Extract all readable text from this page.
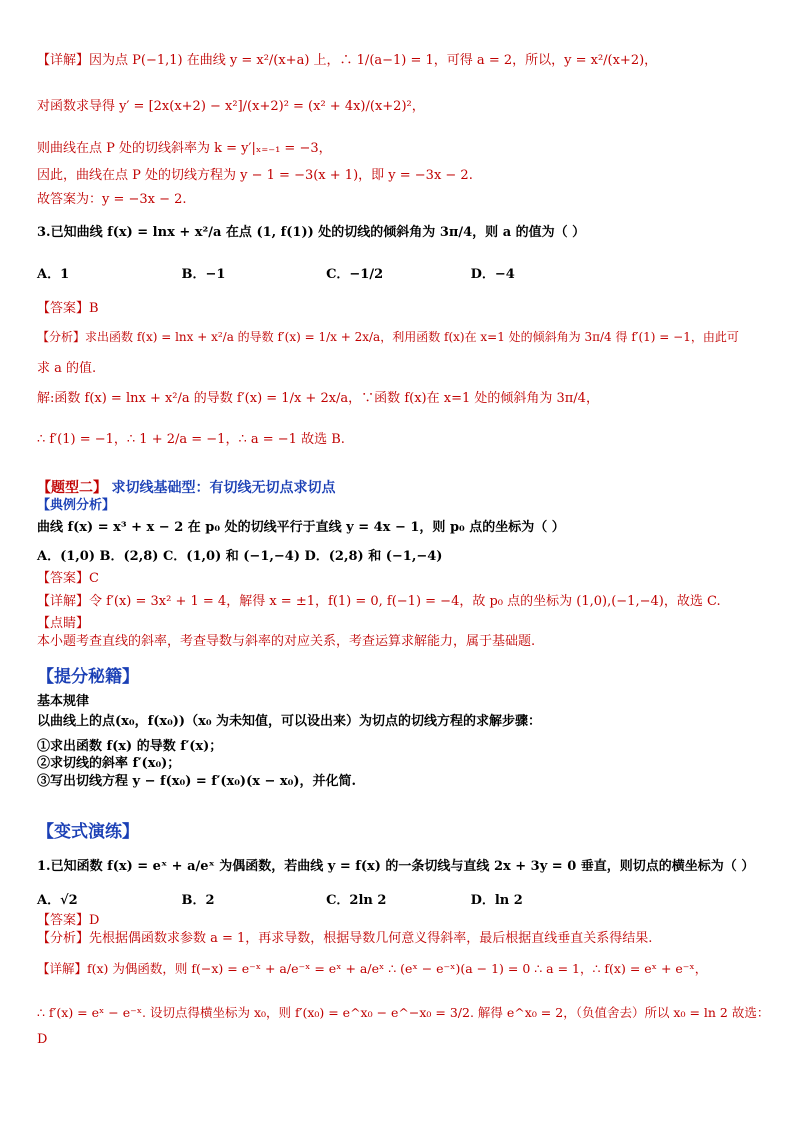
【详解】因为点 P(−1,1) 在曲线 y = x²/(x+a) 上，∴ 1/(a−1) = 1，可得 a = 2，所以，y = x²/(x+2)，
对函数求导得 y′ = [2x(x+2) − x²]/(x+2)² = (x² + 4x)/(x+2)²，
则曲线在点 P 处的切线斜率为 k = y′|ₓ₌₋₁ = −3，
因此，曲线在点 P 处的切线方程为 y − 1 = −3(x + 1)，即 y = −3x − 2.
故答案为：y = −3x − 2.
3.已知曲线 f(x) = lnx + x²/a 在点 (1, f(1)) 处的切线的倾斜角为 3π/4，则 a 的值为（ ）
A．1	B．−1	C．−1/2	D．−4
【答案】B
【分析】求出函数 f(x) = lnx + x²/a 的导数 f′(x) = 1/x + 2x/a，利用函数 f(x)在 x=1 处的倾斜角为 3π/4 得 f′(1) = −1，由此可
求 a 的值.
解:函数 f(x) = lnx + x²/a 的导数 f′(x) = 1/x + 2x/a，∵函数 f(x)在 x=1 处的倾斜角为 3π/4，
∴ f′(1) = −1，∴ 1 + 2/a = −1，∴ a = −1 故选 B.
【题型二】 求切线基础型：有切线无切点求切点
【典例分析】
曲线 f(x) = x³ + x − 2 在 p₀ 处的切线平行于直线 y = 4x − 1，则 p₀ 点的坐标为（ ）
A．(1,0) B．(2,8) C．(1,0) 和 (−1,−4) D．(2,8) 和 (−1,−4)
【答案】C
【详解】令 f′(x) = 3x² + 1 = 4，解得 x = ±1，f(1) = 0, f(−1) = −4，故 p₀ 点的坐标为 (1,0),(−1,−4)，故选 C.
【点睛】
本小题考查直线的斜率，考查导数与斜率的对应关系，考查运算求解能力，属于基础题.
【提分秘籍】
基本规律
以曲线上的点(x₀，f(x₀))（x₀ 为未知值，可以设出来）为切点的切线方程的求解步骤：
①求出函数 f(x) 的导数 f′(x)；
②求切线的斜率 f′(x₀)；
③写出切线方程 y − f(x₀) = f′(x₀)(x − x₀)，并化简.
【变式演练】
1.已知函数 f(x) = eˣ + a/eˣ 为偶函数，若曲线 y = f(x) 的一条切线与直线 2x + 3y = 0 垂直，则切点的横坐标为（ ）
A．√2	B．2	C．2ln 2	D．ln 2
【答案】D
【分析】先根据偶函数求参数 a = 1，再求导数，根据导数几何意义得斜率，最后根据直线垂直关系得结果.
【详解】f(x) 为偶函数，则 f(−x) = e⁻ˣ + a/e⁻ˣ = eˣ + a/eˣ ∴ (eˣ − e⁻ˣ)(a − 1) = 0 ∴ a = 1，∴ f(x) = eˣ + e⁻ˣ，
∴ f′(x) = eˣ − e⁻ˣ. 设切点得横坐标为 x₀，则 f′(x₀) = e^x₀ − e^−x₀ = 3/2. 解得 e^x₀ = 2，（负值舍去）所以 x₀ = ln 2 故选：
D
